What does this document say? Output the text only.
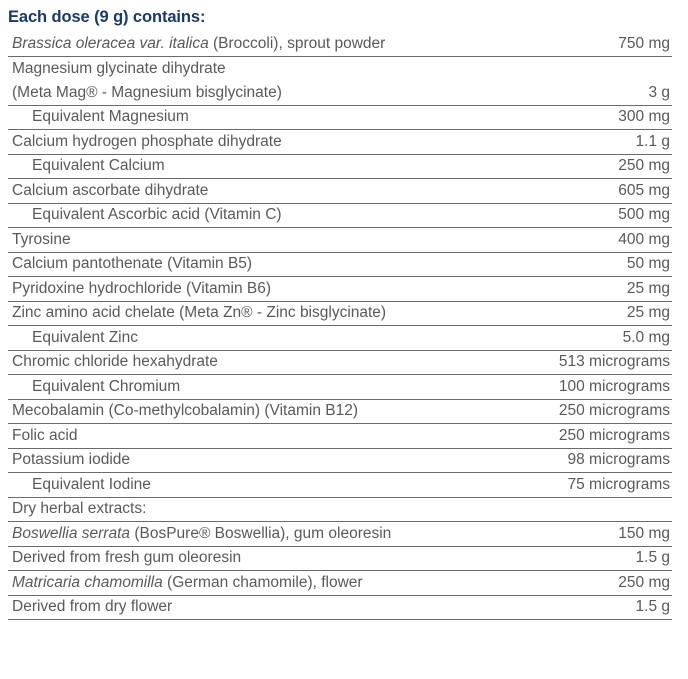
Each dose (9 g) contains:
Brassica oleracea var. italica (Broccoli), sprout powder	750 mg
Magnesium glycinate dihydrate
(Meta Mag® - Magnesium bisglycinate)	3 g
Equivalent Magnesium	300 mg
Calcium hydrogen phosphate dihydrate	1.1 g
Equivalent Calcium	250 mg
Calcium ascorbate dihydrate	605 mg
Equivalent Ascorbic acid (Vitamin C)	500 mg
Tyrosine	400 mg
Calcium pantothenate (Vitamin B5)	50 mg
Pyridoxine hydrochloride (Vitamin B6)	25 mg
Zinc amino acid chelate (Meta Zn® - Zinc bisglycinate)	25 mg
Equivalent Zinc	5.0 mg
Chromic chloride hexahydrate	513 micrograms
Equivalent Chromium	100 micrograms
Mecobalamin (Co-methylcobalamin) (Vitamin B12)	250 micrograms
Folic acid	250 micrograms
Potassium iodide	98 micrograms
Equivalent Iodine	75 micrograms
Dry herbal extracts:
Boswellia serrata (BosPure® Boswellia), gum oleoresin	150 mg
Derived from fresh gum oleoresin	1.5 g
Matricaria chamomilla (German chamomile), flower	250 mg
Derived from dry flower	1.5 g
